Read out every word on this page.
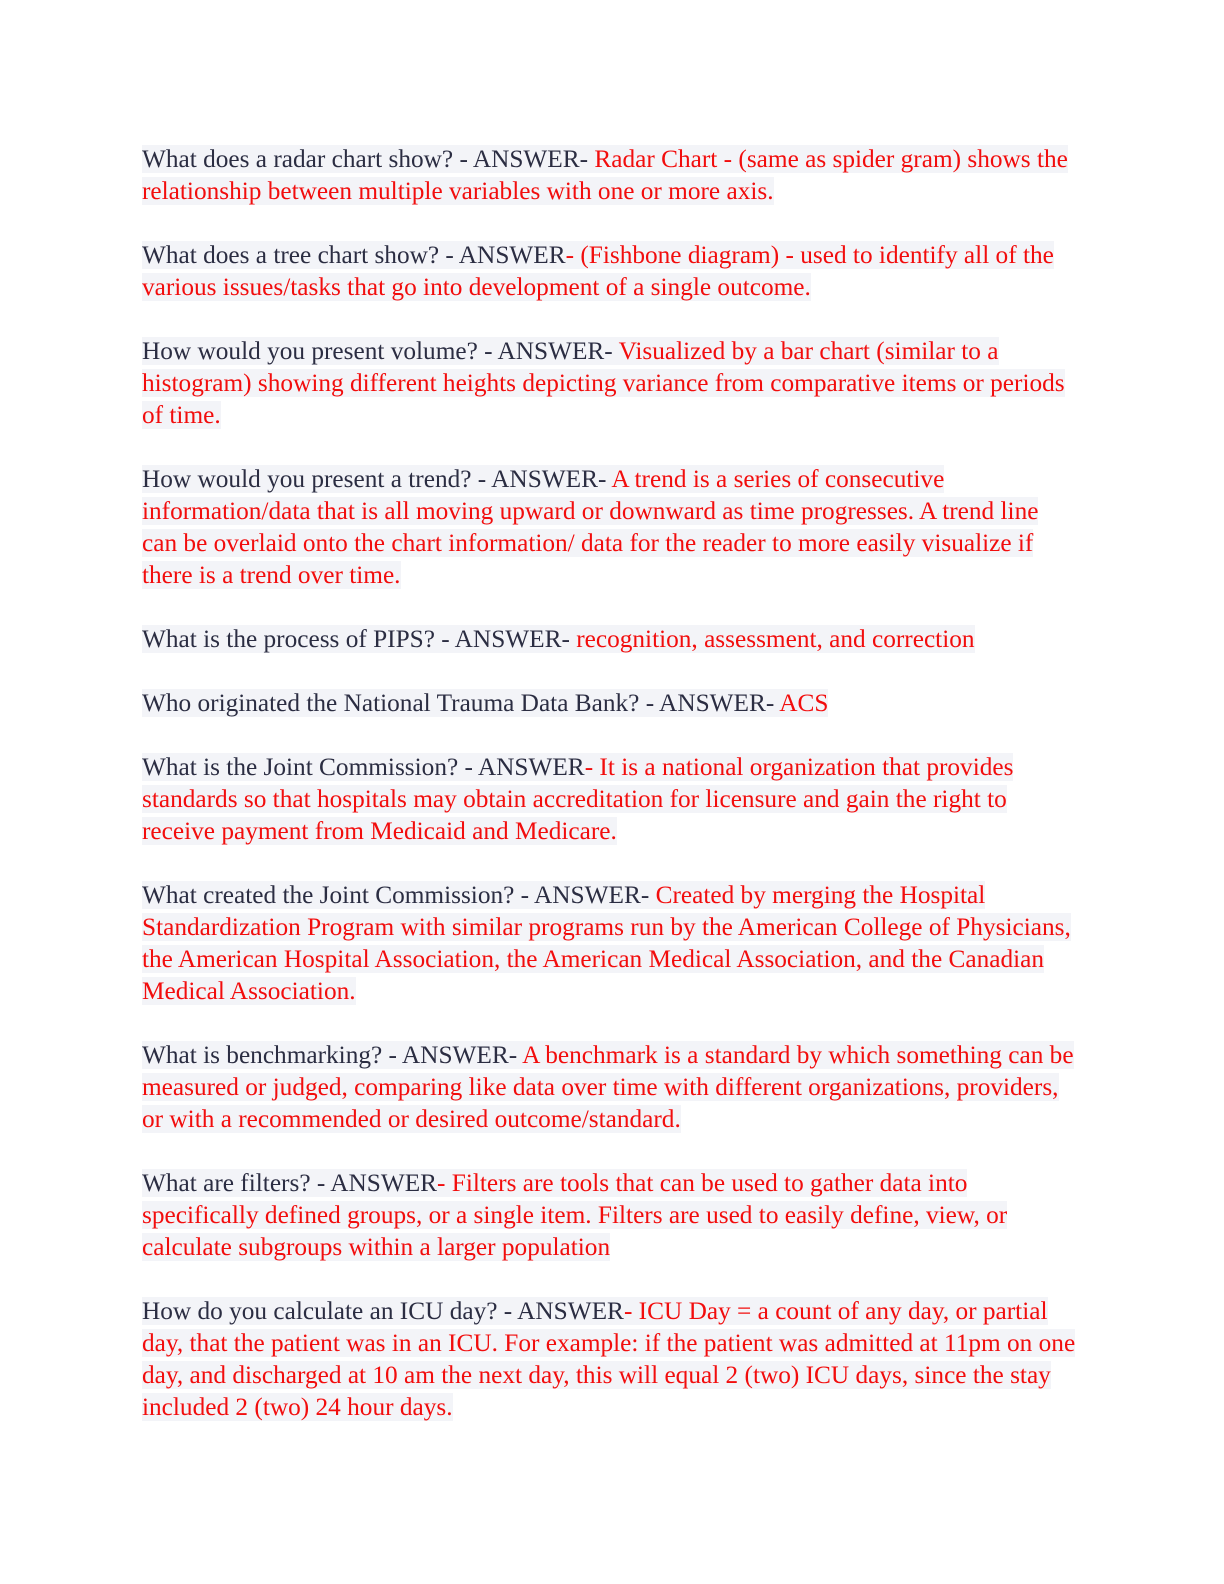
What does a radar chart show? - ANSWER- Radar Chart - (same as spider gram) shows the relationship between multiple variables with one or more axis.

What does a tree chart show? - ANSWER- (Fishbone diagram) - used to identify all of the various issues/tasks that go into development of a single outcome.

How would you present volume? - ANSWER- Visualized by a bar chart (similar to a histogram) showing different heights depicting variance from comparative items or periods of time.

How would you present a trend? - ANSWER- A trend is a series of consecutive information/data that is all moving upward or downward as time progresses. A trend line can be overlaid onto the chart information/ data for the reader to more easily visualize if there is a trend over time.

What is the process of PIPS? - ANSWER- recognition, assessment, and correction

Who originated the National Trauma Data Bank? - ANSWER- ACS

What is the Joint Commission? - ANSWER- It is a national organization that provides standards so that hospitals may obtain accreditation for licensure and gain the right to receive payment from Medicaid and Medicare.

What created the Joint Commission? - ANSWER- Created by merging the Hospital Standardization Program with similar programs run by the American College of Physicians, the American Hospital Association, the American Medical Association, and the Canadian Medical Association.

What is benchmarking? - ANSWER- A benchmark is a standard by which something can be measured or judged, comparing like data over time with different organizations, providers, or with a recommended or desired outcome/standard.

What are filters? - ANSWER- Filters are tools that can be used to gather data into specifically defined groups, or a single item. Filters are used to easily define, view, or calculate subgroups within a larger population

How do you calculate an ICU day? - ANSWER- ICU Day = a count of any day, or partial day, that the patient was in an ICU. For example: if the patient was admitted at 11pm on one day, and discharged at 10 am the next day, this will equal 2 (two) ICU days, since the stay included 2 (two) 24 hour days.
